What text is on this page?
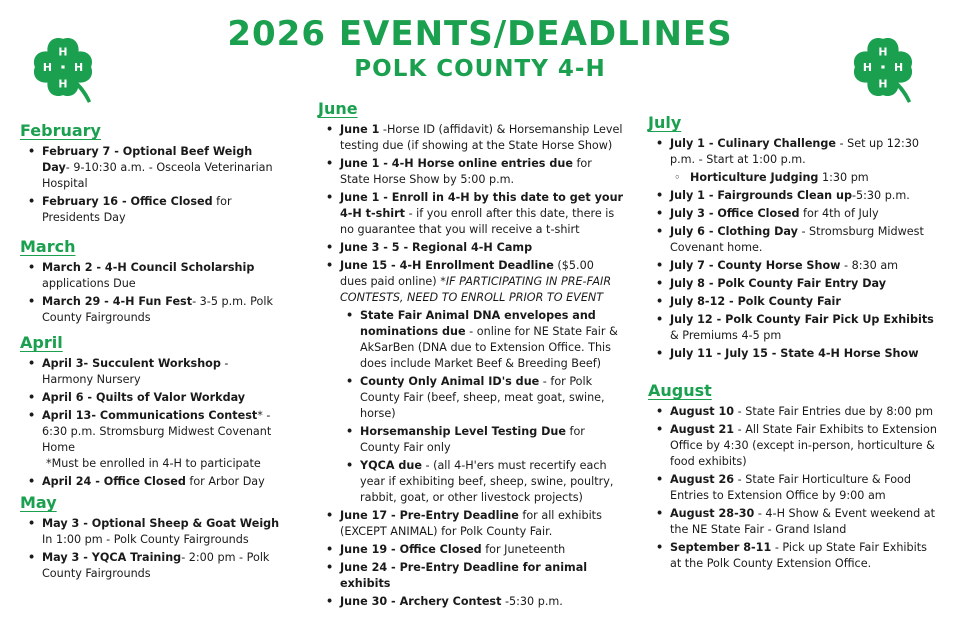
2026 EVENTS/DEADLINES
POLK COUNTY 4-H
H
H H
H
H
H H
H
February
• February 7 - Optional Beef Weigh Day- 9-10:30 a.m. - Osceola Veterinarian Hospital
• February 16 - Office Closed for Presidents Day
March
• March 2 - 4-H Council Scholarship applications Due
• March 29 - 4-H Fun Fest- 3-5 p.m. Polk County Fairgrounds
April
• April 3- Succulent Workshop - Harmony Nursery
• April 6 - Quilts of Valor Workday
• April 13- Communications Contest* - 6:30 p.m. Stromsburg Midwest Covenant Home
*Must be enrolled in 4-H to participate
• April 24 - Office Closed for Arbor Day
May
• May 3 - Optional Sheep & Goat Weigh In 1:00 pm - Polk County Fairgrounds
• May 3 - YQCA Training- 2:00 pm - Polk County Fairgrounds
June
• June 1 -Horse ID (affidavit) & Horsemanship Level testing due (if showing at the State Horse Show)
• June 1 - 4-H Horse online entries due for State Horse Show by 5:00 p.m.
• June 1 - Enroll in 4-H by this date to get your 4-H t-shirt - if you enroll after this date, there is no guarantee that you will receive a t-shirt
• June 3 - 5 - Regional 4-H Camp
• June 15 - 4-H Enrollment Deadline ($5.00 dues paid online) *IF PARTICIPATING IN PRE-FAIR CONTESTS, NEED TO ENROLL PRIOR TO EVENT
• State Fair Animal DNA envelopes and nominations due - online for NE State Fair & AkSarBen (DNA due to Extension Office. This does include Market Beef & Breeding Beef)
• County Only Animal ID's due - for Polk County Fair (beef, sheep, meat goat, swine, horse)
• Horsemanship Level Testing Due for County Fair only
• YQCA due - (all 4-H'ers must recertify each year if exhibiting beef, sheep, swine, poultry, rabbit, goat, or other livestock projects)
• June 17 - Pre-Entry Deadline for all exhibits (EXCEPT ANIMAL) for Polk County Fair.
• June 19 - Office Closed for Juneteenth
• June 24 - Pre-Entry Deadline for animal exhibits
• June 30 - Archery Contest -5:30 p.m.
July
• July 1 - Culinary Challenge - Set up 12:30 p.m. - Start at 1:00 p.m.
◦ Horticulture Judging 1:30 pm
• July 1 - Fairgrounds Clean up-5:30 p.m.
• July 3 - Office Closed for 4th of July
• July 6 - Clothing Day - Stromsburg Midwest Covenant home.
• July 7 - County Horse Show - 8:30 am
• July 8 - Polk County Fair Entry Day
• July 8-12 - Polk County Fair
• July 12 - Polk County Fair Pick Up Exhibits & Premiums 4-5 pm
• July 11 - July 15 - State 4-H Horse Show
August
• August 10 - State Fair Entries due by 8:00 pm
• August 21 - All State Fair Exhibits to Extension Office by 4:30 (except in-person, horticulture & food exhibits)
• August 26 - State Fair Horticulture & Food Entries to Extension Office by 9:00 am
• August 28-30 - 4-H Show & Event weekend at the NE State Fair - Grand Island
• September 8-11 - Pick up State Fair Exhibits at the Polk County Extension Office.
